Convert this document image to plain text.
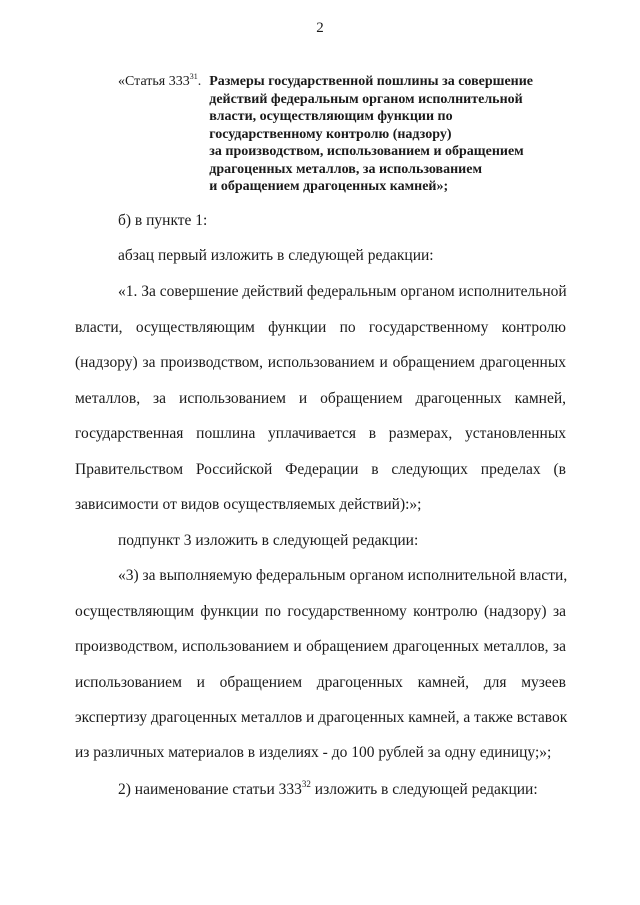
2
«Статья $333^{31}$. Размеры государственной пошлины за совершение
действий федеральным органом исполнительной
власти, осуществляющим функции по
государственному контролю (надзору)
за производством, использованием и обращением
драгоценных металлов, за использованием
и обращением драгоценных камней»;
б) в пункте 1:
абзац первый изложить в следующей редакции:
«1. За совершение действий федеральным органом исполнительной
власти, осуществляющим функции по государственному контролю
(надзору) за производством, использованием и обращением драгоценных
металлов, за использованием и обращением драгоценных камней,
государственная пошлина уплачивается в размерах, установленных
Правительством Российской Федерации в следующих пределах (в
зависимости от видов осуществляемых действий):»;
подпункт 3 изложить в следующей редакции:
«3) за выполняемую федеральным органом исполнительной власти,
осуществляющим функции по государственному контролю (надзору) за
производством, использованием и обращением драгоценных металлов, за
использованием и обращением драгоценных камней, для музеев
экспертизу драгоценных металлов и драгоценных камней, а также вставок
из различных материалов в изделиях - до 100 рублей за одну единицу;»;
2) наименование статьи $333^{32}$ изложить в следующей редакции:
